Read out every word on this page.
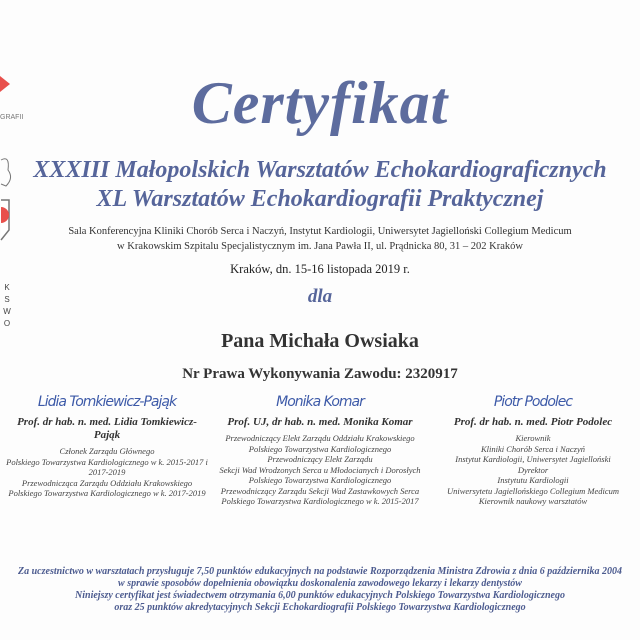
GRAFII
K
S
W
O
Certyfikat
XXXIII Małopolskich Warsztatów Echokardiograficznych
XL Warsztatów Echokardiografii Praktycznej
Sala Konferencyjna Kliniki Chorób Serca i Naczyń, Instytut Kardiologii, Uniwersytet Jagielloński Collegium Medicum
w Krakowskim Szpitalu Specjalistycznym im. Jana Pawła II, ul. Prądnicka 80, 31 – 202 Kraków
Kraków, dn. 15-16 listopada 2019 r.
dla
Pana Michała Owsiaka
Nr Prawa Wykonywania Zawodu: 2320917
Lidia Tomkiewicz-Pająk
Prof. dr hab. n. med. Lidia Tomkiewicz-Pająk
Członek Zarządu Głównego
Polskiego Towarzystwa Kardiologicznego w k. 2015-2017 i 2017-2019
Przewodnicząca Zarządu Oddziału Krakowskiego
Polskiego Towarzystwa Kardiologicznego w k. 2017-2019
Monika Komar
Prof. UJ, dr hab. n. med. Monika Komar
Przewodniczący Elekt Zarządu Oddziału Krakowskiego
Polskiego Towarzystwa Kardiologicznego
Przewodniczący Elekt Zarządu
Sekcji Wad Wrodzonych Serca u Młodocianych i Dorosłych
Polskiego Towarzystwa Kardiologicznego
Przewodniczący Zarządu Sekcji Wad Zastawkowych Serca
Polskiego Towarzystwa Kardiologicznego w k. 2015-2017
Piotr Podolec
Prof. dr hab. n. med. Piotr Podolec
Kierownik
Kliniki Chorób Serca i Naczyń
Instytut Kardiologii, Uniwersytet Jagielloński
Dyrektor
Instytutu Kardiologii
Uniwersytetu Jagiellońskiego Collegium Medicum
Kierownik naukowy warsztatów
Za uczestnictwo w warsztatach przysługuje 7,50 punktów edukacyjnych na podstawie Rozporządzenia Ministra Zdrowia z dnia 6 października 2004
w sprawie sposobów dopełnienia obowiązku doskonalenia zawodowego lekarzy i lekarzy dentystów
Niniejszy certyfikat jest świadectwem otrzymania 6,00 punktów edukacyjnych Polskiego Towarzystwa Kardiologicznego
oraz 25 punktów akredytacyjnych Sekcji Echokardiografii Polskiego Towarzystwa Kardiologicznego
